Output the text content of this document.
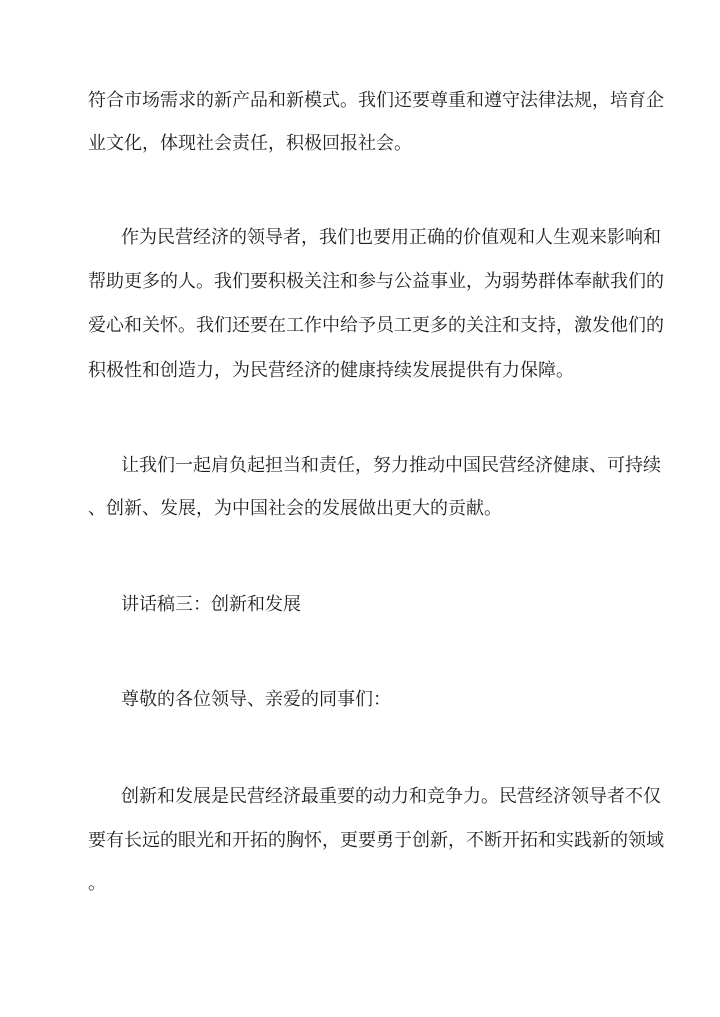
符合市场需求的新产品和新模式。我们还要尊重和遵守法律法规，培育企

业文化，体现社会责任，积极回报社会。

作为民营经济的领导者，我们也要用正确的价值观和人生观来影响和

帮助更多的人。我们要积极关注和参与公益事业，为弱势群体奉献我们的

爱心和关怀。我们还要在工作中给予员工更多的关注和支持，激发他们的

积极性和创造力，为民营经济的健康持续发展提供有力保障。

让我们一起肩负起担当和责任，努力推动中国民营经济健康、可持续

、创新、发展，为中国社会的发展做出更大的贡献。

讲话稿三：创新和发展

尊敬的各位领导、亲爱的同事们：

创新和发展是民营经济最重要的动力和竞争力。民营经济领导者不仅

要有长远的眼光和开拓的胸怀，更要勇于创新，不断开拓和实践新的领域

。
